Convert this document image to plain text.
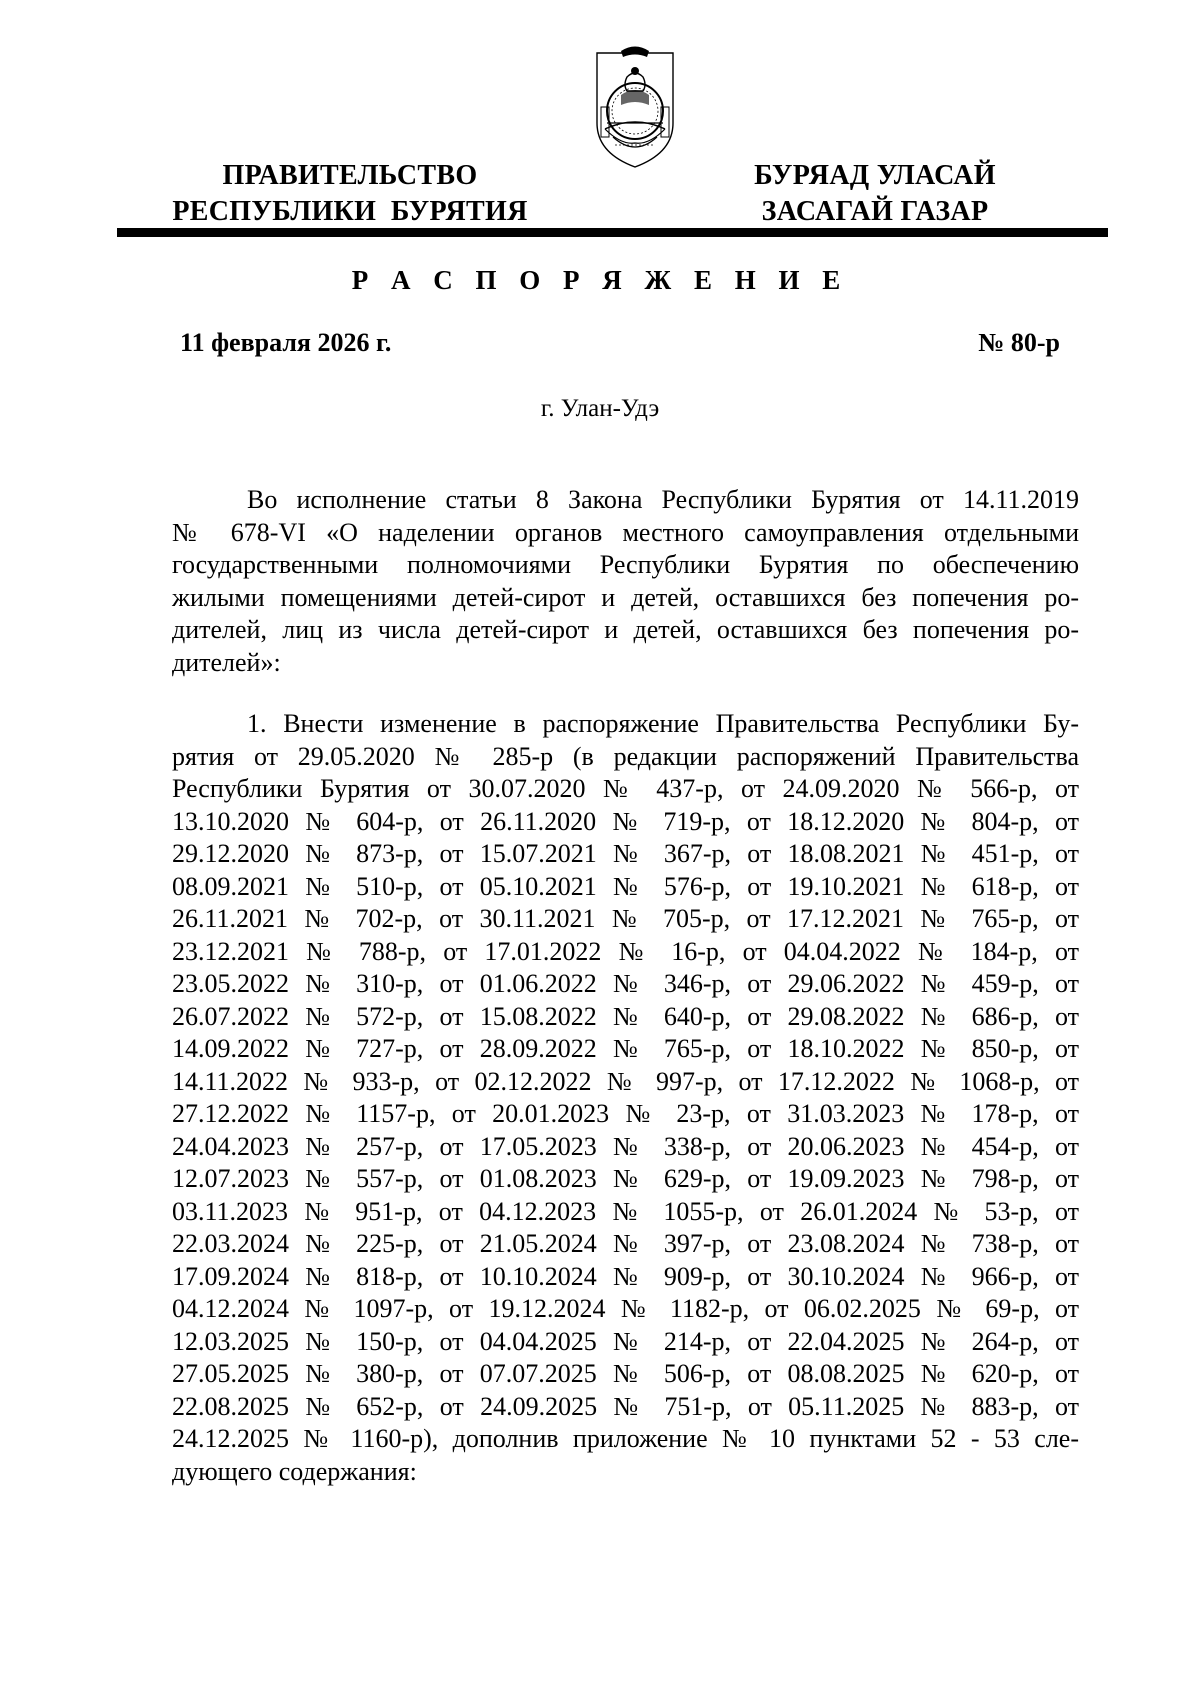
ПРАВИТЕЛЬСТВО
РЕСПУБЛИКИ  БУРЯТИЯ
БУРЯАД УЛАСАЙ
ЗАСАГАЙ ГАЗАР
Р А С П О Р Я Ж Е Н И Е
11 февраля 2026 г.	№ 80-р
г. Улан-Удэ
Во исполнение статьи 8 Закона Республики Бурятия от 14.11.2019
№ 678-VI «О наделении органов местного самоуправления отдельными
государственными полномочиями Республики Бурятия по обеспечению
жилыми помещениями детей-сирот и детей, оставшихся без попечения ро-
дителей, лиц из числа детей-сирот и детей, оставшихся без попечения ро-
дителей»:
1. Внести изменение в распоряжение Правительства Республики Бу-
рятия от 29.05.2020 № 285-р (в редакции распоряжений Правительства
Республики Бурятия от 30.07.2020 № 437-р, от 24.09.2020 № 566-р, от
13.10.2020 № 604-р, от 26.11.2020 № 719-р, от 18.12.2020 № 804-р, от
29.12.2020 № 873-р, от 15.07.2021 № 367-р, от 18.08.2021 № 451-р, от
08.09.2021 № 510-р, от 05.10.2021 № 576-р, от 19.10.2021 № 618-р, от
26.11.2021 № 702-р, от 30.11.2021 № 705-р, от 17.12.2021 № 765-р, от
23.12.2021 № 788-р, от 17.01.2022 № 16-р, от 04.04.2022 № 184-р, от
23.05.2022 № 310-р, от 01.06.2022 № 346-р, от 29.06.2022 № 459-р, от
26.07.2022 № 572-р, от 15.08.2022 № 640-р, от 29.08.2022 № 686-р, от
14.09.2022 № 727-р, от 28.09.2022 № 765-р, от 18.10.2022 № 850-р, от
14.11.2022 № 933-р, от 02.12.2022 № 997-р, от 17.12.2022 № 1068-р, от
27.12.2022 № 1157-р, от 20.01.2023 № 23-р, от 31.03.2023 № 178-р, от
24.04.2023 № 257-р, от 17.05.2023 № 338-р, от 20.06.2023 № 454-р, от
12.07.2023 № 557-р, от 01.08.2023 № 629-р, от 19.09.2023 № 798-р, от
03.11.2023 № 951-р, от 04.12.2023 № 1055-р, от 26.01.2024 № 53-р, от
22.03.2024 № 225-р, от 21.05.2024 № 397-р, от 23.08.2024 № 738-р, от
17.09.2024 № 818-р, от 10.10.2024 № 909-р, от 30.10.2024 № 966-р, от
04.12.2024 № 1097-р, от 19.12.2024 № 1182-р, от 06.02.2025 № 69-р, от
12.03.2025 № 150-р, от 04.04.2025 № 214-р, от 22.04.2025 № 264-р, от
27.05.2025 № 380-р, от 07.07.2025 № 506-р, от 08.08.2025 № 620-р, от
22.08.2025 № 652-р, от 24.09.2025 № 751-р, от 05.11.2025 № 883-р, от
24.12.2025 № 1160-р), дополнив приложение № 10 пунктами 52 - 53 сле-
дующего содержания:
